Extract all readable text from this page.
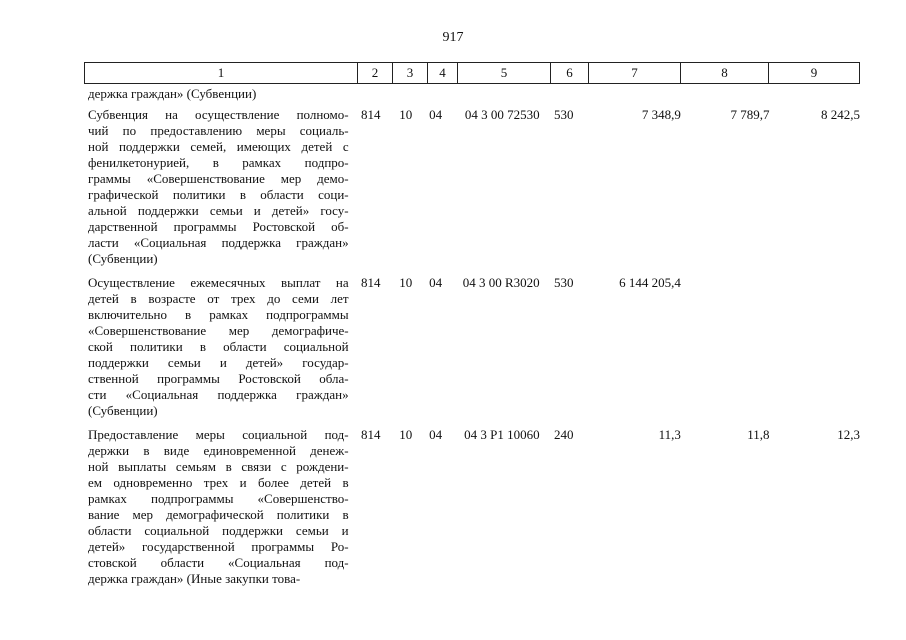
917
1	2	3	4	5	6	7	8	9
держка граждан» (Субвенции)
Субвенция на осуществление полномо-
чий по предоставлению меры социаль-
ной поддержки семей, имеющих детей с
фенилкетонурией, в рамках подпро-
граммы «Совершенствование мер демо-
графической политики в области соци-
альной поддержки семьи и детей» госу-
дарственной программы Ростовской об-
ласти «Социальная поддержка граждан»
(Субвенции)
814	10	04	04 3 00 72530	530	7 348,9	7 789,7	8 242,5
Осуществление ежемесячных выплат на
детей в возрасте от трех до семи лет
включительно в рамках подпрограммы
«Совершенствование мер демографиче-
ской политики в области социальной
поддержки семьи и детей» государ-
ственной программы Ростовской обла-
сти «Социальная поддержка граждан»
(Субвенции)
814	10	04	04 3 00 R3020	530	6 144 205,4
Предоставление меры социальной под-
держки в виде единовременной денеж-
ной выплаты семьям в связи с рождени-
ем одновременно трех и более детей в
рамках подпрограммы «Совершенство-
вание мер демографической политики в
области социальной поддержки семьи и
детей» государственной программы Ро-
стовской области «Социальная под-
держка граждан» (Иные закупки това-
814	10	04	04 3 P1 10060	240	11,3	11,8	12,3
